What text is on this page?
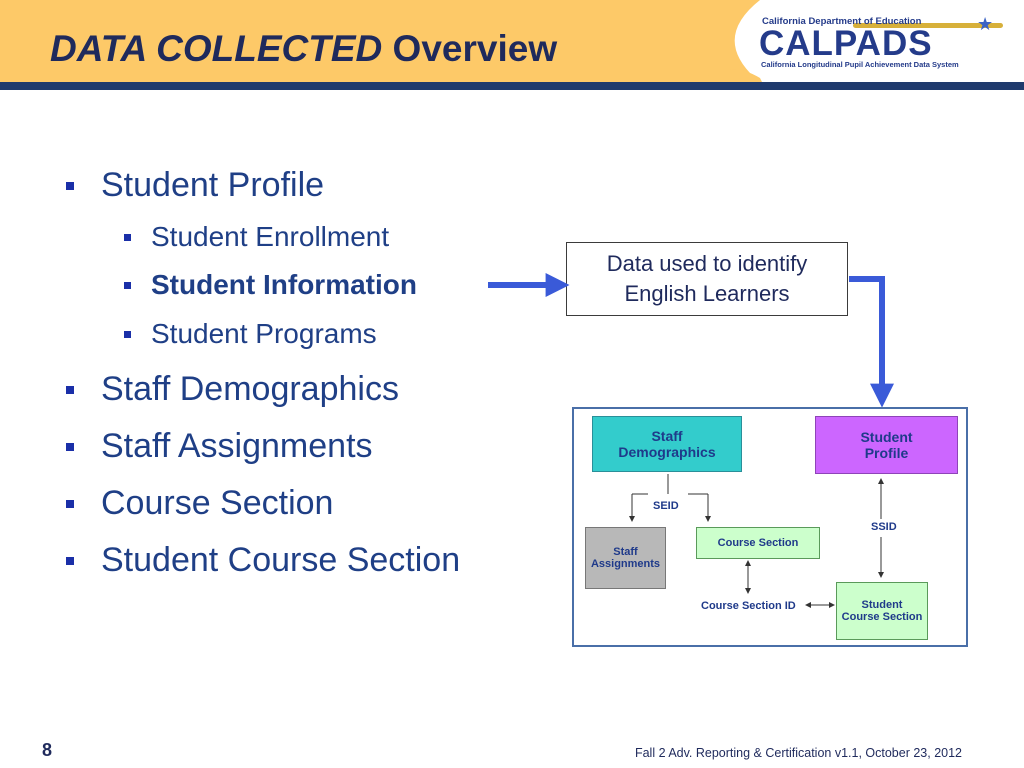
DATA COLLECTED Overview
★
California Department of Education
CALPADS
California Longitudinal Pupil Achievement Data System
Student Profile
Student Enrollment
Student Information
Student Programs
Staff Demographics
Staff Assignments
Course Section
Student Course Section
Data used to identify
English Learners
Staff
Demographics
Student
Profile
Staff
Assignments
Course Section
Student
Course Section
SEID
SSID
Course Section ID
8	Fall 2 Adv. Reporting & Certification v1.1, October 23, 2012
